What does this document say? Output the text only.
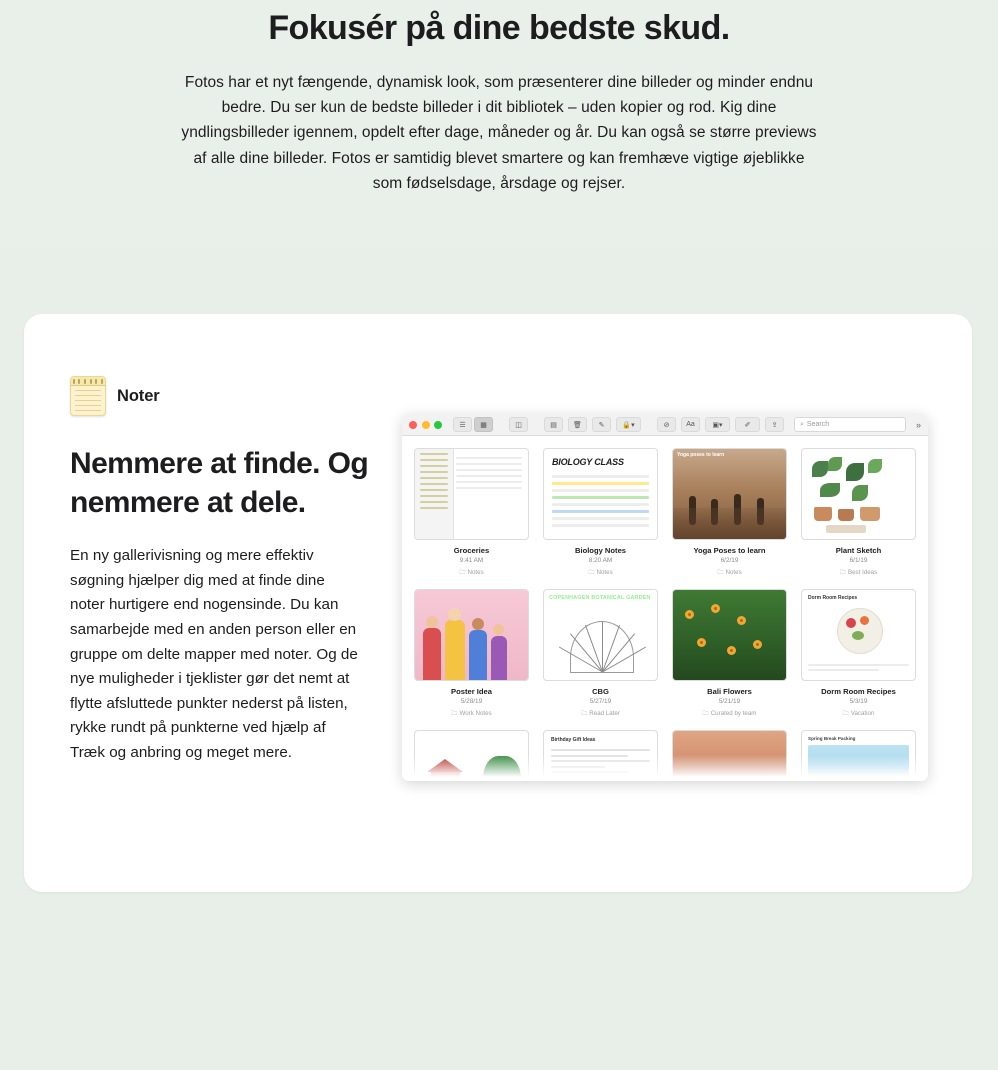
Fokusér på dine bedste skud.

Fotos har et nyt fængende, dynamisk look, som præsenterer dine billeder og minder endnu bedre. Du ser kun de bedste billeder i dit bibliotek – uden kopier og rod. Kig dine yndlingsbilleder igennem, opdelt efter dage, måneder og år. Du kan også se større previews af alle dine billeder. Fotos er samtidig blevet smartere og kan fremhæve vigtige øjeblikke som fødselsdage, årsdage og rejser.

Noter
Nemmere at finde. Og nemmere at dele.

En ny gallerivisning og mere effektiv søgning hjælper dig med at finde dine noter hurtigere end nogensinde. Du kan samarbejde med en anden person eller en gruppe om delte mapper med noter. Og de nye muligheder i tjeklister gør det nemt at flytte afsluttede punkter nederst på listen, rykke rundt på punkterne ved hjælp af Træk og anbring og meget mere.

☰	▦	◫	▤	🗑	✎	🔒▾	⊘	Aa	▣▾	✐	⇪	⌕ Search	»
Groceries
9:41 AM
🗀 Notes
BIOLOGY CLASS
Biology Notes
8:20 AM
🗀 Notes
Yoga poses to learn
Yoga Poses to learn
6/2/19
🗀 Notes
Plant Sketch
6/1/19
🗀 Best Ideas
Poster Idea
5/28/19
🗀 Work Notes
COPENHAGEN BOTANICAL GARDEN
CBG
5/27/19
🗀 Read Later
Bali Flowers
5/21/19
🗀 Curated by team
Dorm Room Recipes
Dorm Room Recipes
5/3/19
🗀 Vacation
Birthday Gift Ideas	Spring Break Packing
